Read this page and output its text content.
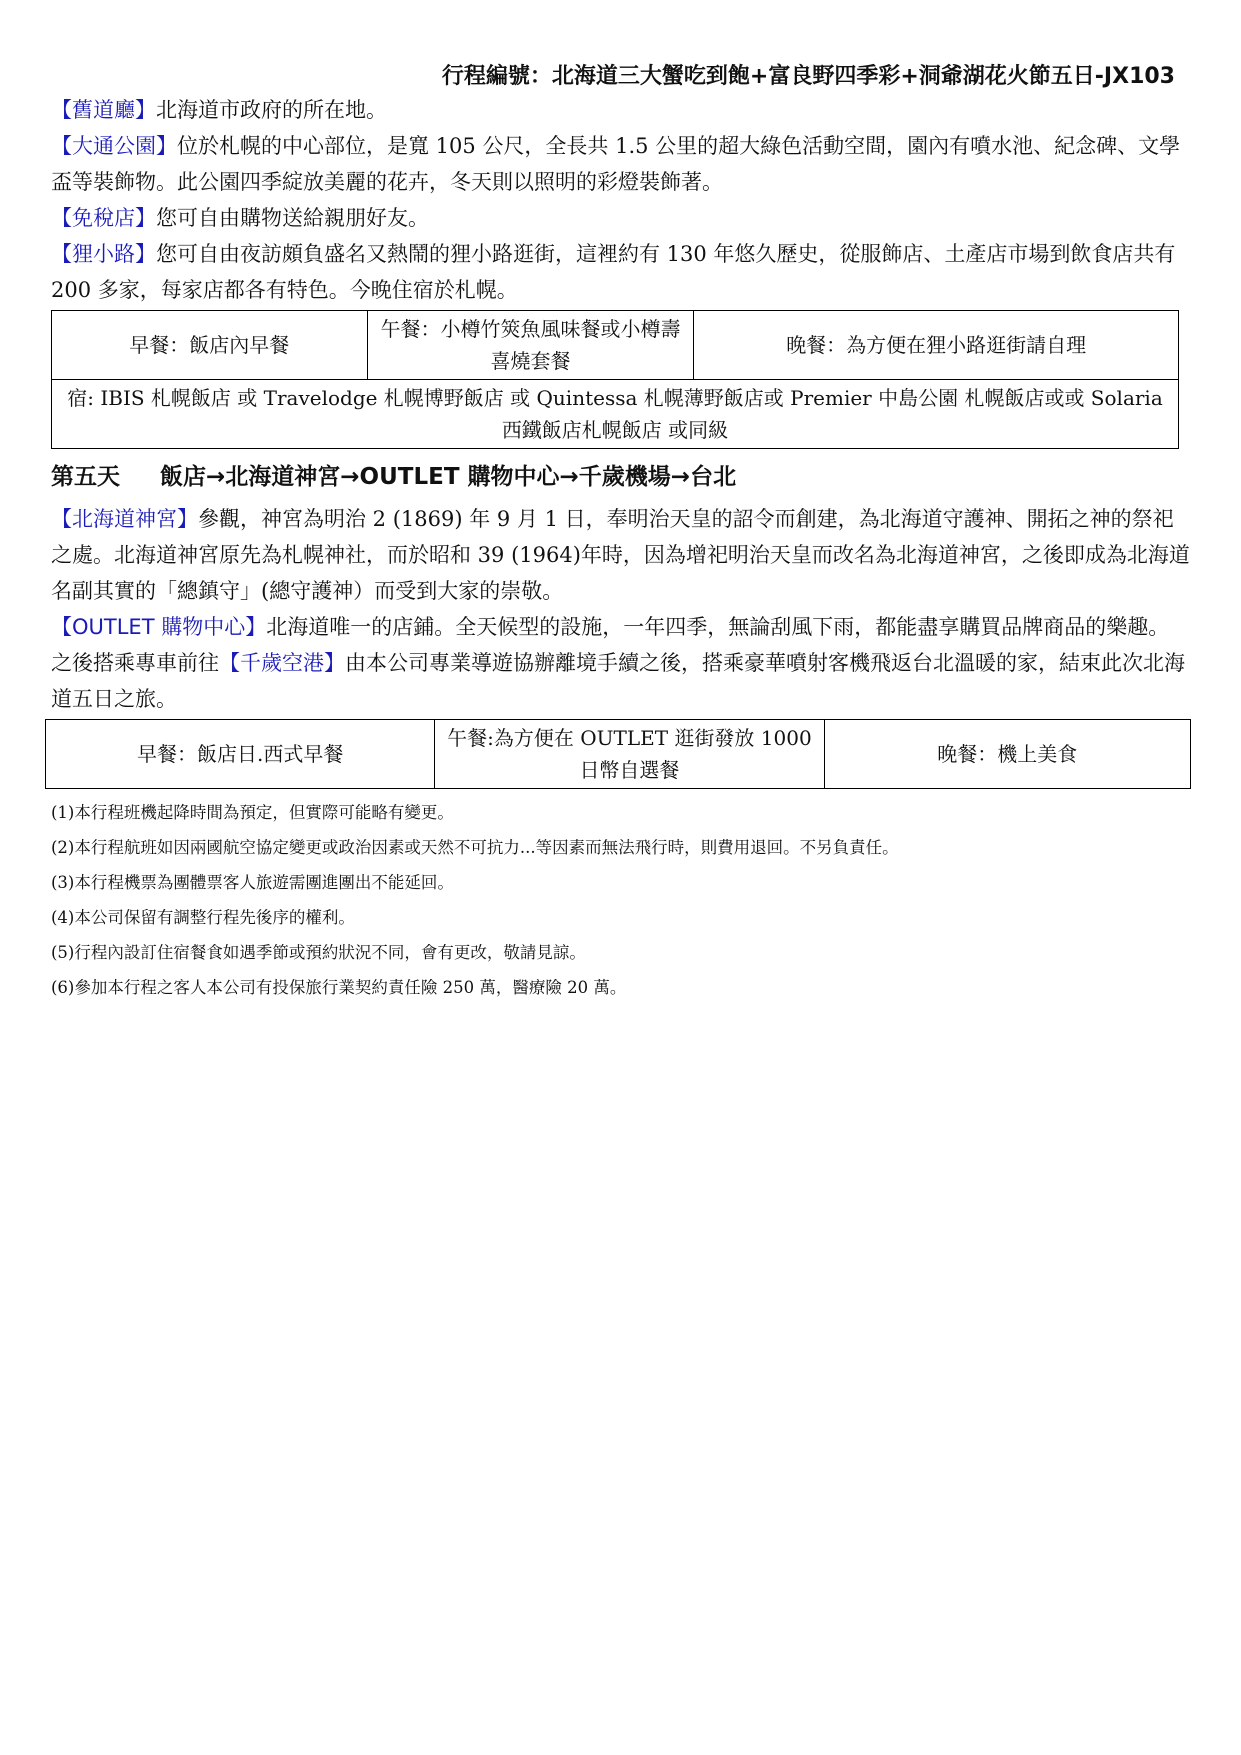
行程編號：北海道三大蟹吃到飽+富良野四季彩+洞爺湖花火節五日-JX103

【舊道廳】北海道市政府的所在地。

【大通公園】位於札幌的中心部位，是寬 105 公尺，全長共 1.5 公里的超大綠色活動空間，園內有噴水池、紀念碑、文學盃等裝飾物。此公園四季綻放美麗的花卉，冬天則以照明的彩燈裝飾著。

【免稅店】您可自由購物送給親朋好友。

【狸小路】您可自由夜訪頗負盛名又熱鬧的狸小路逛街，這裡約有 130 年悠久歷史，從服飾店、土產店市場到飲食店共有 200 多家，每家店都各有特色。今晚住宿於札幌。

早餐：飯店內早餐	午餐：小樽竹筴魚風味餐或小樽壽喜燒套餐	晚餐：為方便在狸小路逛街請自理
宿: IBIS 札幌飯店 或 Travelodge 札幌博野飯店 或 Quintessa 札幌薄野飯店或 Premier 中島公園 札幌飯店或或 Solaria 西鐵飯店札幌飯店 或同級
第五天 飯店→北海道神宮→OUTLET 購物中心→千歲機場→台北

【北海道神宮】參觀，神宮為明治 2 (1869) 年 9 月 1 日，奉明治天皇的詔令而創建，為北海道守護神、開拓之神的祭祀之處。北海道神宮原先為札幌神社，而於昭和 39 (1964)年時，因為增祀明治天皇而改名為北海道神宮，之後即成為北海道名副其實的「總鎮守」(總守護神）而受到大家的崇敬。

【OUTLET 購物中心】北海道唯一的店鋪。全天候型的設施，一年四季，無論刮風下雨，都能盡享購買品牌商品的樂趣。

之後搭乘專車前往【千歲空港】由本公司專業導遊協辦離境手續之後，搭乘豪華噴射客機飛返台北溫暖的家，結束此次北海道五日之旅。

早餐：飯店日.西式早餐	午餐:為方便在 OUTLET 逛街發放 1000 日幣自選餐	晚餐：機上美食

(1)本行程班機起降時間為預定，但實際可能略有變更。

(2)本行程航班如因兩國航空協定變更或政治因素或天然不可抗力...等因素而無法飛行時，則費用退回。不另負責任。

(3)本行程機票為團體票客人旅遊需團進團出不能延回。

(4)本公司保留有調整行程先後序的權利。

(5)行程內設訂住宿餐食如遇季節或預約狀況不同，會有更改，敬請見諒。

(6)參加本行程之客人本公司有投保旅行業契約責任險 250 萬，醫療險 20 萬。
